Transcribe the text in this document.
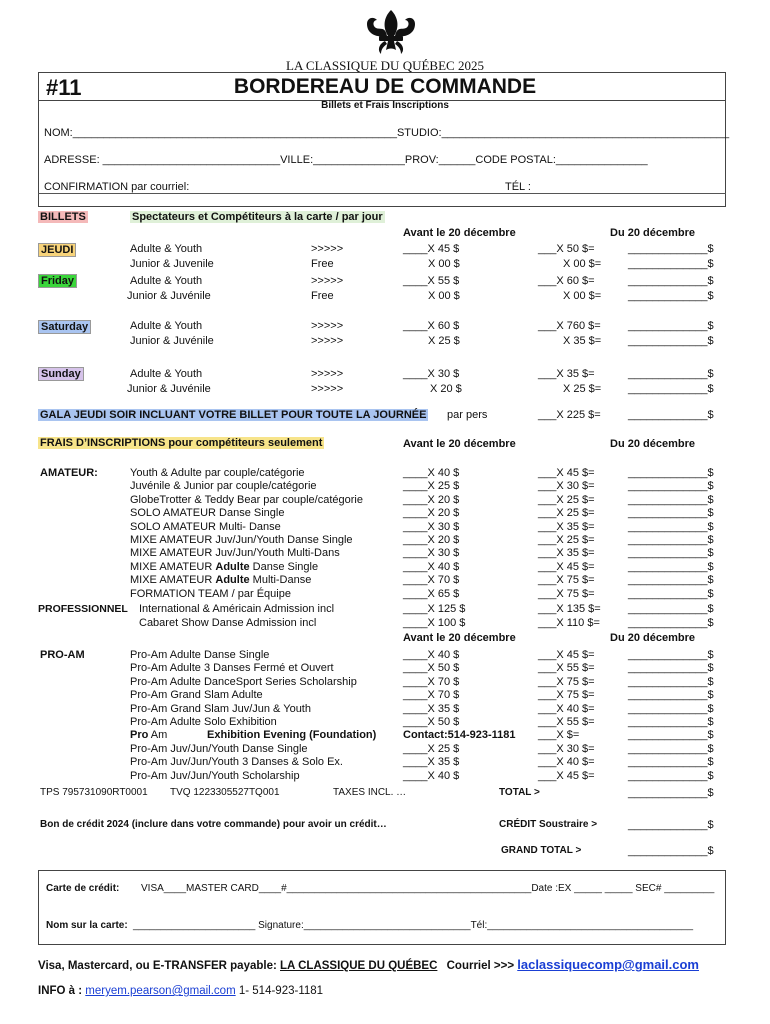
LA CLASSIQUE DU QUÉBEC 2025
#11	BORDEREAU DE COMMANDE
Billets et Frais Inscriptions
NOM:_____________________________________________________STUDIO:_______________________________________________
ADRESSE: _____________________________VILLE:_______________PROV:______CODE POSTAL:_______________
CONFIRMATION par courriel:	TÉL :
BILLETS	Spectateurs et Compétiteurs à la carte / par jour
Avant le 20 décembre	Du 20 décembre
JEUDI	Adulte & Youth	>>>>>	____X 45 $	___X 50 $=	_____________$
Junior & Juvenile	Free	X 00 $	X 00 $= _____________$
Friday	Adulte & Youth	>>>>>	____X 55 $	___X 60 $=	_____________$
Junior & Juvénile	Free	X 00 $	X 00 $= _____________$
Saturday	Adulte & Youth	>>>>>	____X 60 $	___X 760 $= _____________$
Junior & Juvénile	>>>>>	X 25 $	X 35 $= _____________$
Sunday	Adulte & Youth	>>>>>	____X 30 $	___X 35 $=	_____________$
Junior & Juvénile	>>>>>	X 20 $	X 25 $= _____________$
GALA JEUDI SOIR INCLUANT VOTRE BILLET POUR TOUTE LA JOURNÉE par pers	___X 225 $= _____________$
FRAIS D’INSCRIPTIONS pour compétiteurs seulement	Avant le 20 décembre	Du 20 décembre
AMATEUR:	Youth & Adulte par couple/catégorie	____X 40 $	___X 45 $=	_____________$
Juvénile & Junior par couple/catégorie	____X 25 $	___X 30 $=	_____________$
GlobeTrotter & Teddy Bear par couple/catégorie	____X 20 $	___X 25 $=	_____________$
SOLO AMATEUR Danse Single	____X 20 $	___X 25 $=	_____________$
SOLO AMATEUR Multi- Danse	____X 30 $	___X 35 $=	_____________$
MIXE AMATEUR Juv/Jun/Youth Danse Single	____X 20 $	___X 25 $=	_____________$
MIXE AMATEUR Juv/Jun/Youth Multi-Dans	____X 30 $	___X 35 $=	_____________$
MIXE AMATEUR Adulte Danse Single	____X 40 $	___X 45 $=	_____________$
MIXE AMATEUR Adulte Multi-Danse	____X 70 $	___X 75 $=	_____________$
FORMATION TEAM / par Équipe	____X 65 $	___X 75 $=	_____________$
PROFESSIONNEL International & Américain Admission incl	____X 125 $	___X 135 $= _____________$
Cabaret Show Danse Admission incl	____X 100 $	___X 110 $=	_____________$
Avant le 20 décembre	Du 20 décembre
PRO-AM	Pro-Am Adulte Danse Single	____X 40 $	___X 45 $=	_____________$
Pro-Am Adulte 3 Danses Fermé et Ouvert	____X 50 $	___X 55 $=	_____________$
Pro-Am Adulte DanceSport Series Scholarship	____X 70 $	___X 75 $=	_____________$
Pro-Am Grand Slam Adulte	____X 70 $	___X 75 $=	_____________$
Pro-Am Grand Slam Juv/Jun & Youth	____X 35 $	___X 40 $=	_____________$
Pro-Am Adulte Solo Exhibition	____X 50 $	___X 55 $=	_____________$
Pro Am             Exhibition Evening (Foundation) Contact:514-923-1181 ___X $=	_____________$
Pro-Am Juv/Jun/Youth Danse Single	____X 25 $	___X 30 $=	_____________$
Pro-Am Juv/Jun/Youth 3 Danses & Solo Ex.	____X 35 $	___X 40 $=	_____________$
Pro-Am Juv/Jun/Youth Scholarship	____X 40 $	___X 45 $=	_____________$
TPS 795731090RT0001 TVQ 1223305527TQ001	TAXES INCL. …	TOTAL >	_____________$
Bon de crédit 2024 (inclure dans votre commande) pour avoir un crédit…	CRÉDIT Soustraire >	_____________$
GRAND TOTAL >	_____________$
Carte de crédit: VISA____MASTER CARD____#____________________________________________Date :EX _____ _____ SEC# _________
Nom sur la carte: ______________________ Signature:______________________________Tél:_____________________________________
Visa, Mastercard, ou E-TRANSFER payable: LA CLASSIQUE DU QUÉBEC Courriel >>> laclassiquecomp@gmail.com
INFO à : meryem.pearson@gmail.com 1- 514-923-1181
